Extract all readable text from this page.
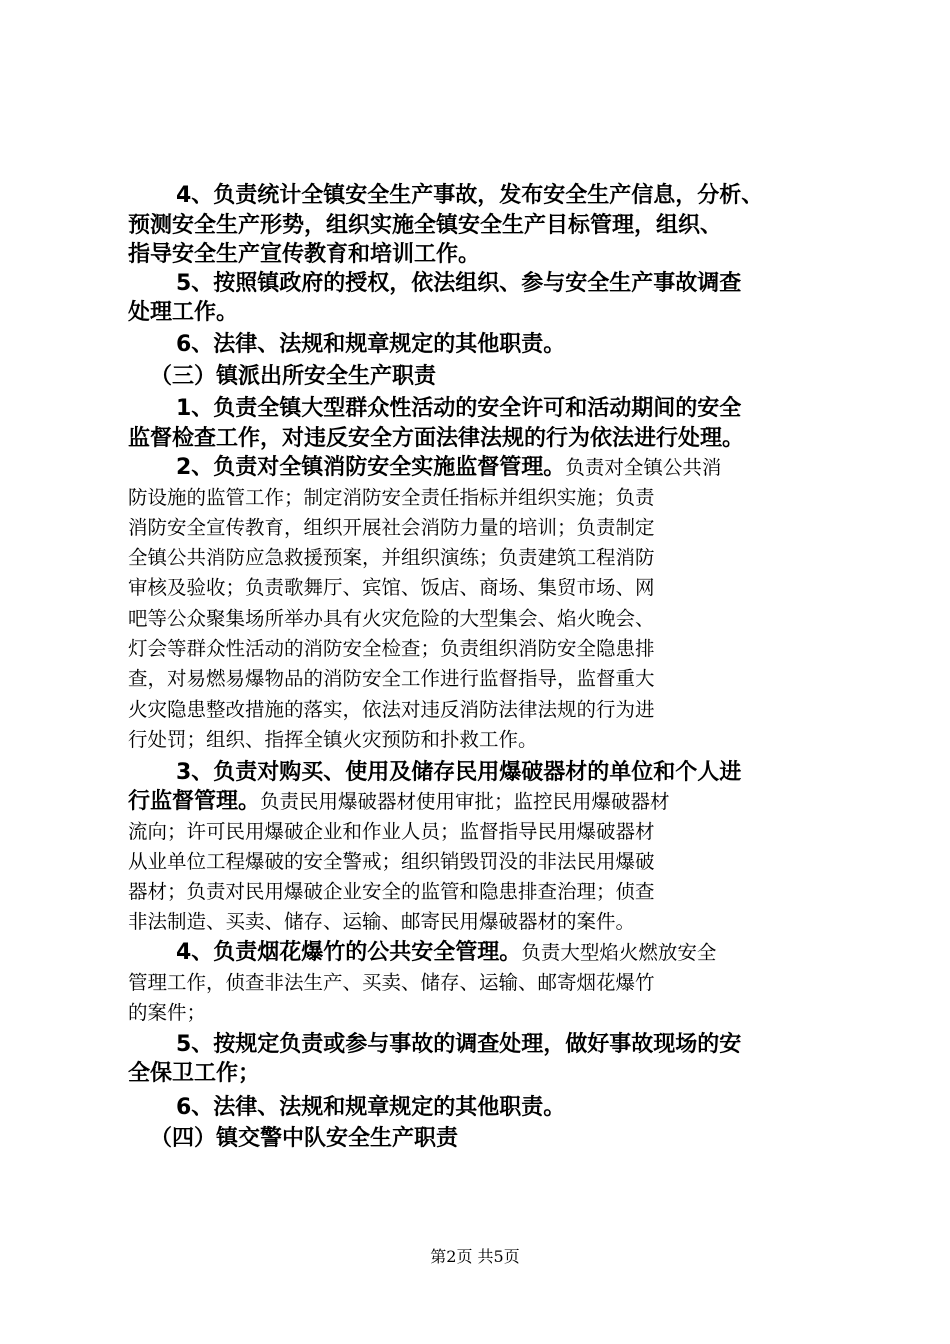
4、负责统计全镇安全生产事故，发布安全生产信息，分析、
预测安全生产形势，组织实施全镇安全生产目标管理，组织、
指导安全生产宣传教育和培训工作。
5、按照镇政府的授权，依法组织、参与安全生产事故调查
处理工作。
6、法律、法规和规章规定的其他职责。
（三）镇派出所安全生产职责
1、负责全镇大型群众性活动的安全许可和活动期间的安全
监督检查工作，对违反安全方面法律法规的行为依法进行处理。
2、负责对全镇消防安全实施监督管理。负责对全镇公共消
防设施的监管工作；制定消防安全责任指标并组织实施；负责
消防安全宣传教育，组织开展社会消防力量的培训；负责制定
全镇公共消防应急救援预案，并组织演练；负责建筑工程消防
审核及验收；负责歌舞厅、宾馆、饭店、商场、集贸市场、网
吧等公众聚集场所举办具有火灾危险的大型集会、焰火晚会、
灯会等群众性活动的消防安全检查；负责组织消防安全隐患排
查，对易燃易爆物品的消防安全工作进行监督指导，监督重大
火灾隐患整改措施的落实，依法对违反消防法律法规的行为进
行处罚；组织、指挥全镇火灾预防和扑救工作。
3、负责对购买、使用及储存民用爆破器材的单位和个人进
行监督管理。负责民用爆破器材使用审批；监控民用爆破器材
流向；许可民用爆破企业和作业人员；监督指导民用爆破器材
从业单位工程爆破的安全警戒；组织销毁罚没的非法民用爆破
器材；负责对民用爆破企业安全的监管和隐患排查治理；侦查
非法制造、买卖、储存、运输、邮寄民用爆破器材的案件。
4、负责烟花爆竹的公共安全管理。负责大型焰火燃放安全
管理工作，侦查非法生产、买卖、储存、运输、邮寄烟花爆竹
的案件；
5、按规定负责或参与事故的调查处理，做好事故现场的安
全保卫工作；
6、法律、法规和规章规定的其他职责。
（四）镇交警中队安全生产职责
第2页 共5页
